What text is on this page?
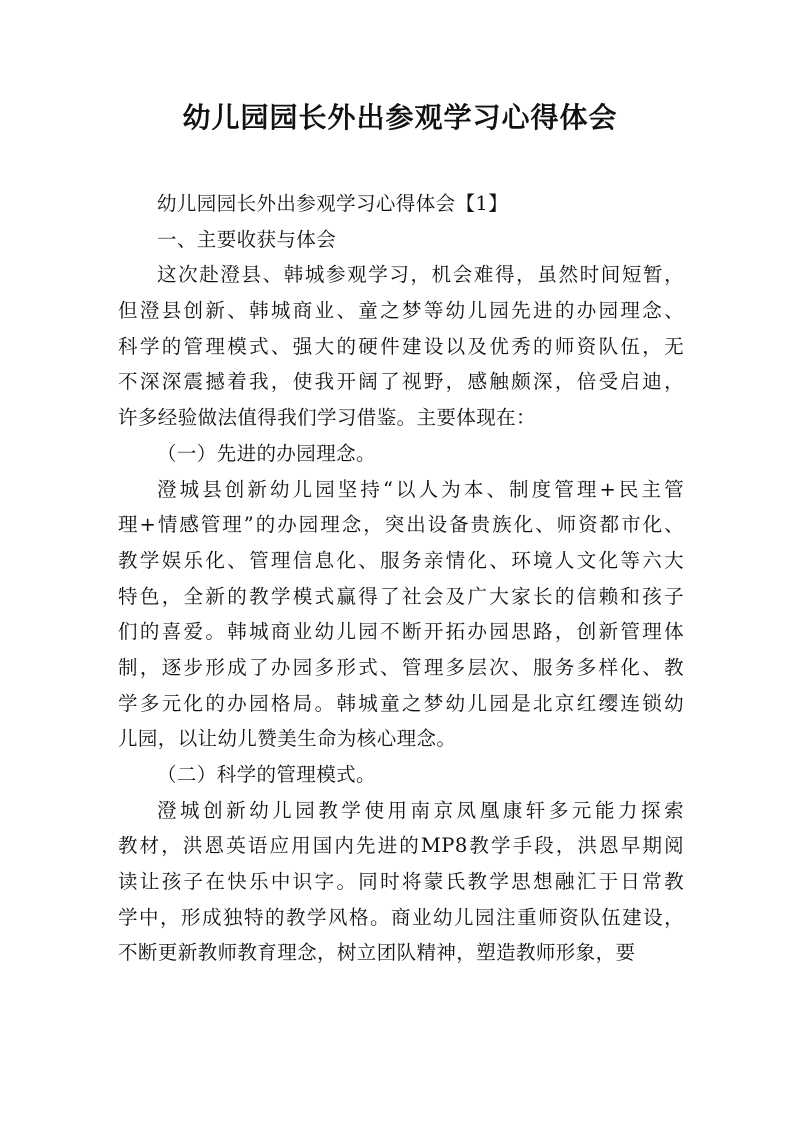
幼儿园园长外出参观学习心得体会
幼儿园园长外出参观学习心得体会【1】
一、主要收获与体会
这次赴澄县、韩城参观学习，机会难得，虽然时间短暂，
但澄县创新、韩城商业、童之梦等幼儿园先进的办园理念、
科学的管理模式、强大的硬件建设以及优秀的师资队伍，无
不深深震撼着我，使我开阔了视野，感触颇深，倍受启迪，
许多经验做法值得我们学习借鉴。主要体现在：
（一）先进的办园理念。
澄城县创新幼儿园坚持“以人为本、制度管理+民主管
理+情感管理”的办园理念，突出设备贵族化、师资都市化、
教学娱乐化、管理信息化、服务亲情化、环境人文化等六大
特色，全新的教学模式赢得了社会及广大家长的信赖和孩子
们的喜爱。韩城商业幼儿园不断开拓办园思路，创新管理体
制，逐步形成了办园多形式、管理多层次、服务多样化、教
学多元化的办园格局。韩城童之梦幼儿园是北京红缨连锁幼
儿园，以让幼儿赞美生命为核心理念。
（二）科学的管理模式。
澄城创新幼儿园教学使用南京凤凰康轩多元能力探索
教材，洪恩英语应用国内先进的MP8教学手段，洪恩早期阅
读让孩子在快乐中识字。同时将蒙氏教学思想融汇于日常教
学中，形成独特的教学风格。商业幼儿园注重师资队伍建设，
不断更新教师教育理念，树立团队精神，塑造教师形象，要
